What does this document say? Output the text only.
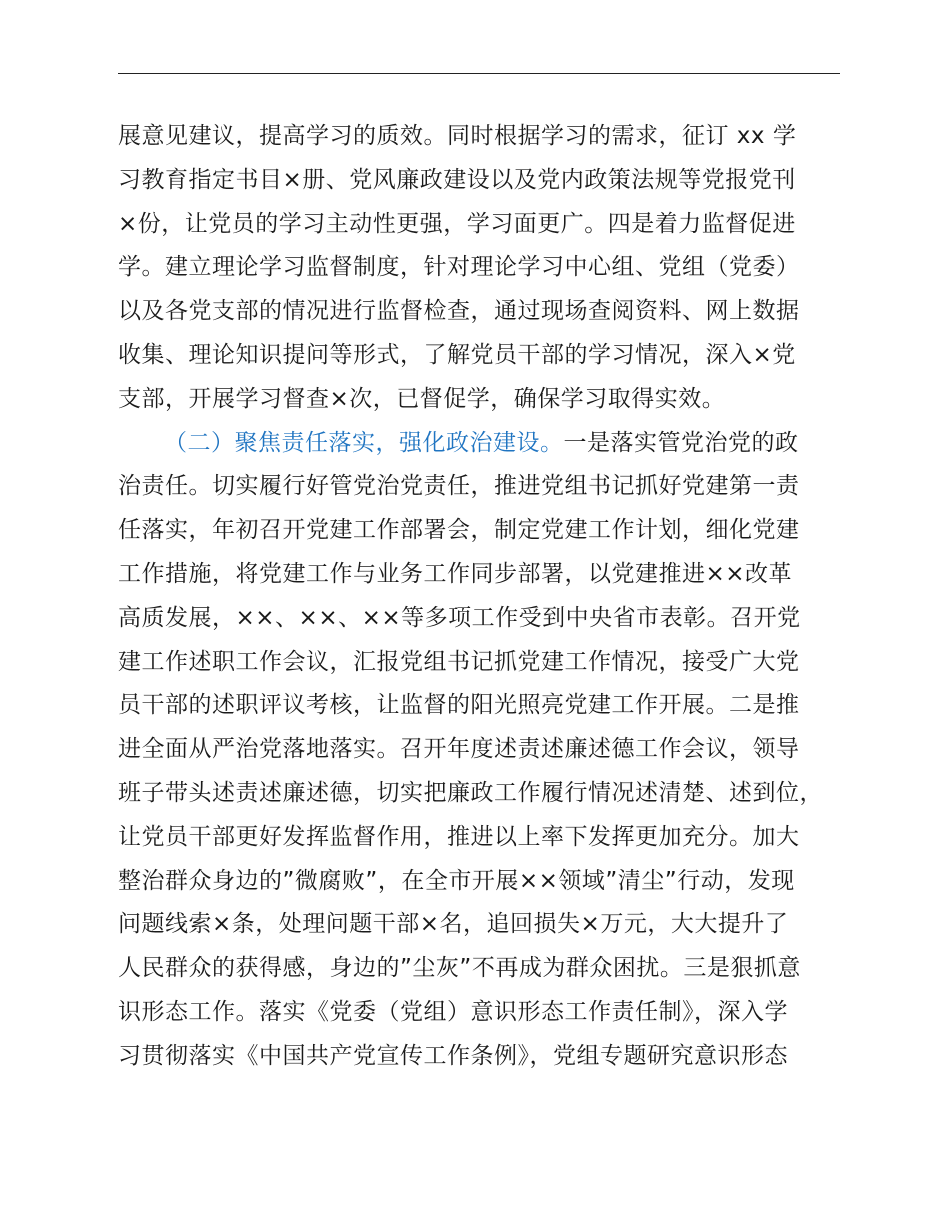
展意见建议，提高学习的质效。同时根据学习的需求，征订 xx 学
习教育指定书目×册、党风廉政建设以及党内政策法规等党报党刊
×份，让党员的学习主动性更强，学习面更广。四是着力监督促进
学。建立理论学习监督制度，针对理论学习中心组、党组（党委）
以及各党支部的情况进行监督检查，通过现场查阅资料、网上数据
收集、理论知识提问等形式，了解党员干部的学习情况，深入×党
支部，开展学习督查×次，已督促学，确保学习取得实效。
（二）聚焦责任落实，强化政治建设。一是落实管党治党的政
治责任。切实履行好管党治党责任，推进党组书记抓好党建第一责
任落实，年初召开党建工作部署会，制定党建工作计划，细化党建
工作措施，将党建工作与业务工作同步部署，以党建推进××改革
高质发展，××、××、××等多项工作受到中央省市表彰。召开党
建工作述职工作会议，汇报党组书记抓党建工作情况，接受广大党
员干部的述职评议考核，让监督的阳光照亮党建工作开展。二是推
进全面从严治党落地落实。召开年度述责述廉述德工作会议，领导
班子带头述责述廉述德，切实把廉政工作履行情况述清楚、述到位，
让党员干部更好发挥监督作用，推进以上率下发挥更加充分。加大
整治群众身边的”微腐败”，在全市开展××领域”清尘”行动，发现
问题线索×条，处理问题干部×名，追回损失×万元，大大提升了
人民群众的获得感，身边的”尘灰”不再成为群众困扰。三是狠抓意
识形态工作。落实《党委（党组）意识形态工作责任制》，深入学
习贯彻落实《中国共产党宣传工作条例》，党组专题研究意识形态
